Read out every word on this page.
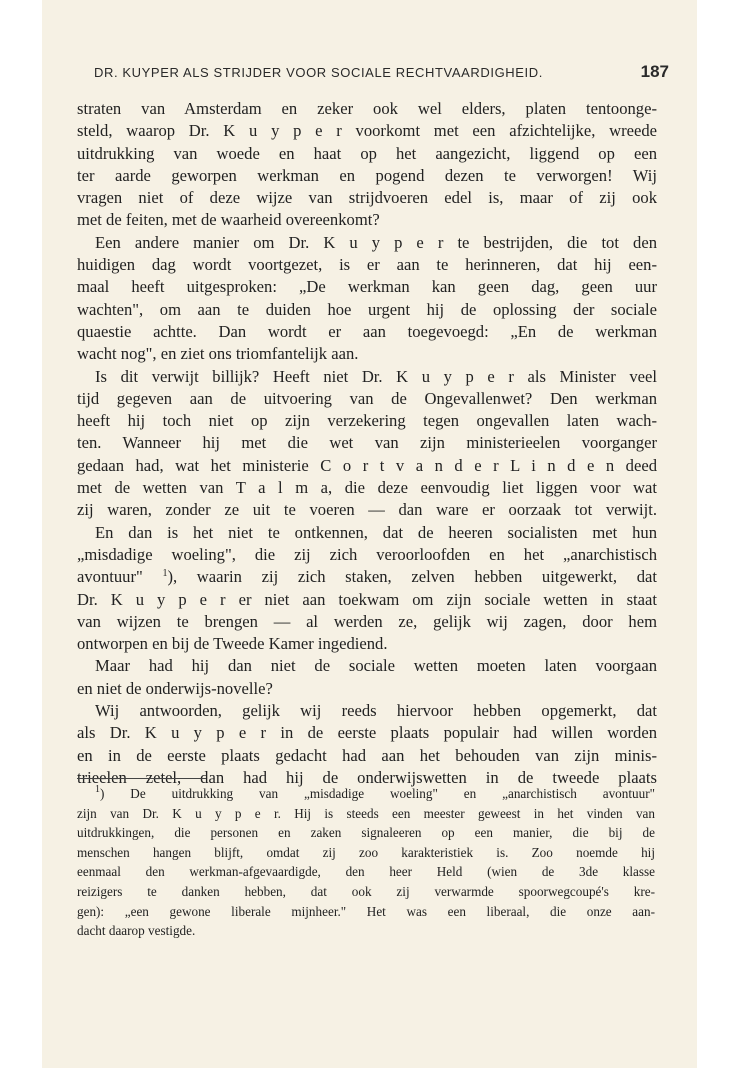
DR. KUYPER ALS STRIJDER VOOR SOCIALE RECHTVAARDIGHEID.	187
straten van Amsterdam en zeker ook wel elders, platen tentoonge-
steld, waarop Dr. K u y p e r voorkomt met een afzichtelijke, wreede
uitdrukking van woede en haat op het aangezicht, liggend op een
ter aarde geworpen werkman en pogend dezen te verworgen! Wij
vragen niet of deze wijze van strijdvoeren edel is, maar of zij ook
met de feiten, met de waarheid overeenkomt?
Een andere manier om Dr. K u y p e r te bestrijden, die tot den
huidigen dag wordt voortgezet, is er aan te herinneren, dat hij een-
maal heeft uitgesproken: „De werkman kan geen dag, geen uur
wachten", om aan te duiden hoe urgent hij de oplossing der sociale
quaestie achtte. Dan wordt er aan toegevoegd: „En de werkman
wacht nog", en ziet ons triomfantelijk aan.
Is dit verwijt billijk? Heeft niet Dr. K u y p e r als Minister veel
tijd gegeven aan de uitvoering van de Ongevallenwet? Den werkman
heeft hij toch niet op zijn verzekering tegen ongevallen laten wach-
ten. Wanneer hij met die wet van zijn ministerieelen voorganger
gedaan had, wat het ministerie C o r t v a n d e r L i n d e n deed
met de wetten van T a l m a, die deze eenvoudig liet liggen voor wat
zij waren, zonder ze uit te voeren — dan ware er oorzaak tot verwijt.
En dan is het niet te ontkennen, dat de heeren socialisten met hun
„misdadige woeling", die zij zich veroorloofden en het „anarchistisch
avontuur" $^1$), waarin zij zich staken, zelven hebben uitgewerkt, dat
Dr. K u y p e r er niet aan toekwam om zijn sociale wetten in staat
van wijzen te brengen — al werden ze, gelijk wij zagen, door hem
ontworpen en bij de Tweede Kamer ingediend.
Maar had hij dan niet de sociale wetten moeten laten voorgaan
en niet de onderwijs-novelle?
Wij antwoorden, gelijk wij reeds hiervoor hebben opgemerkt, dat
als Dr. K u y p e r in de eerste plaats populair had willen worden
en in de eerste plaats gedacht had aan het behouden van zijn minis-
trieelen zetel, dan had hij de onderwijswetten in de tweede plaats
$^1$) De uitdrukking van „misdadige woeling" en „anarchistisch avontuur"
zijn van Dr. K u y p e r. Hij is steeds een meester geweest in het vinden van
uitdrukkingen, die personen en zaken signaleeren op een manier, die bij de
menschen hangen blijft, omdat zij zoo karakteristiek is. Zoo noemde hij
eenmaal den werkman-afgevaardigde, den heer Held (wien de 3de klasse
reizigers te danken hebben, dat ook zij verwarmde spoorwegcoupé's kre-
gen): „een gewone liberale mijnheer." Het was een liberaal, die onze aan-
dacht daarop vestigde.
